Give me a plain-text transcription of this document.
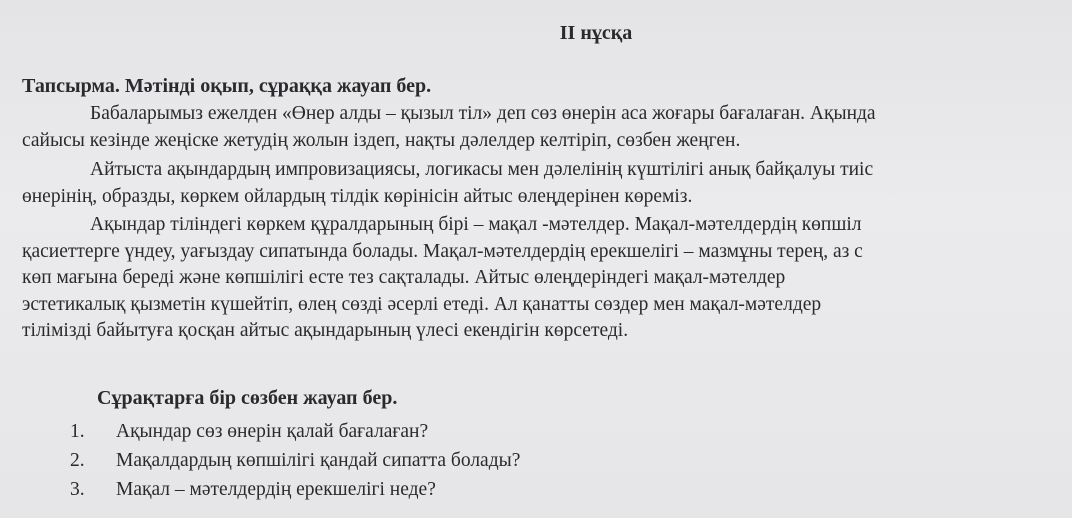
II нұсқа
Тапсырма. Мәтінді оқып, сұраққа жауап бер.
Бабаларымыз ежелден «Өнер алды – қызыл тіл» деп сөз өнерін аса жоғары бағалаған. Ақында
сайысы кезінде жеңіске жетудің жолын іздеп, нақты дәлелдер келтіріп, сөзбен жеңген.
Айтыста ақындардың импровизациясы, логикасы мен дәлелінің күштілігі анық байқалуы тиіс
өнерінің, образды, көркем ойлардың тілдік көрінісін айтыс өлеңдерінен көреміз.
Ақындар тіліндегі көркем құралдарының бірі – мақал -мәтелдер. Мақал-мәтелдердің көпшіл
қасиеттерге үндеу, уағыздау сипатында болады. Мақал-мәтелдердің ерекшелігі – мазмұны терең, аз с
көп мағына береді және көпшілігі есте тез сақталады. Айтыс өлеңдеріндегі мақал-мәтелдер
эстетикалық қызметін күшейтіп, өлең сөзді әсерлі етеді. Ал қанатты сөздер мен мақал-мәтелдер
тілімізді байытуға қосқан айтыс ақындарының үлесі екендігін көрсетеді.
Сұрақтарға бір сөзбен жауап бер.
1. Ақындар сөз өнерін қалай бағалаған?
2. Мақалдардың көпшілігі қандай сипатта болады?
3. Мақал – мәтелдердің ерекшелігі неде?
